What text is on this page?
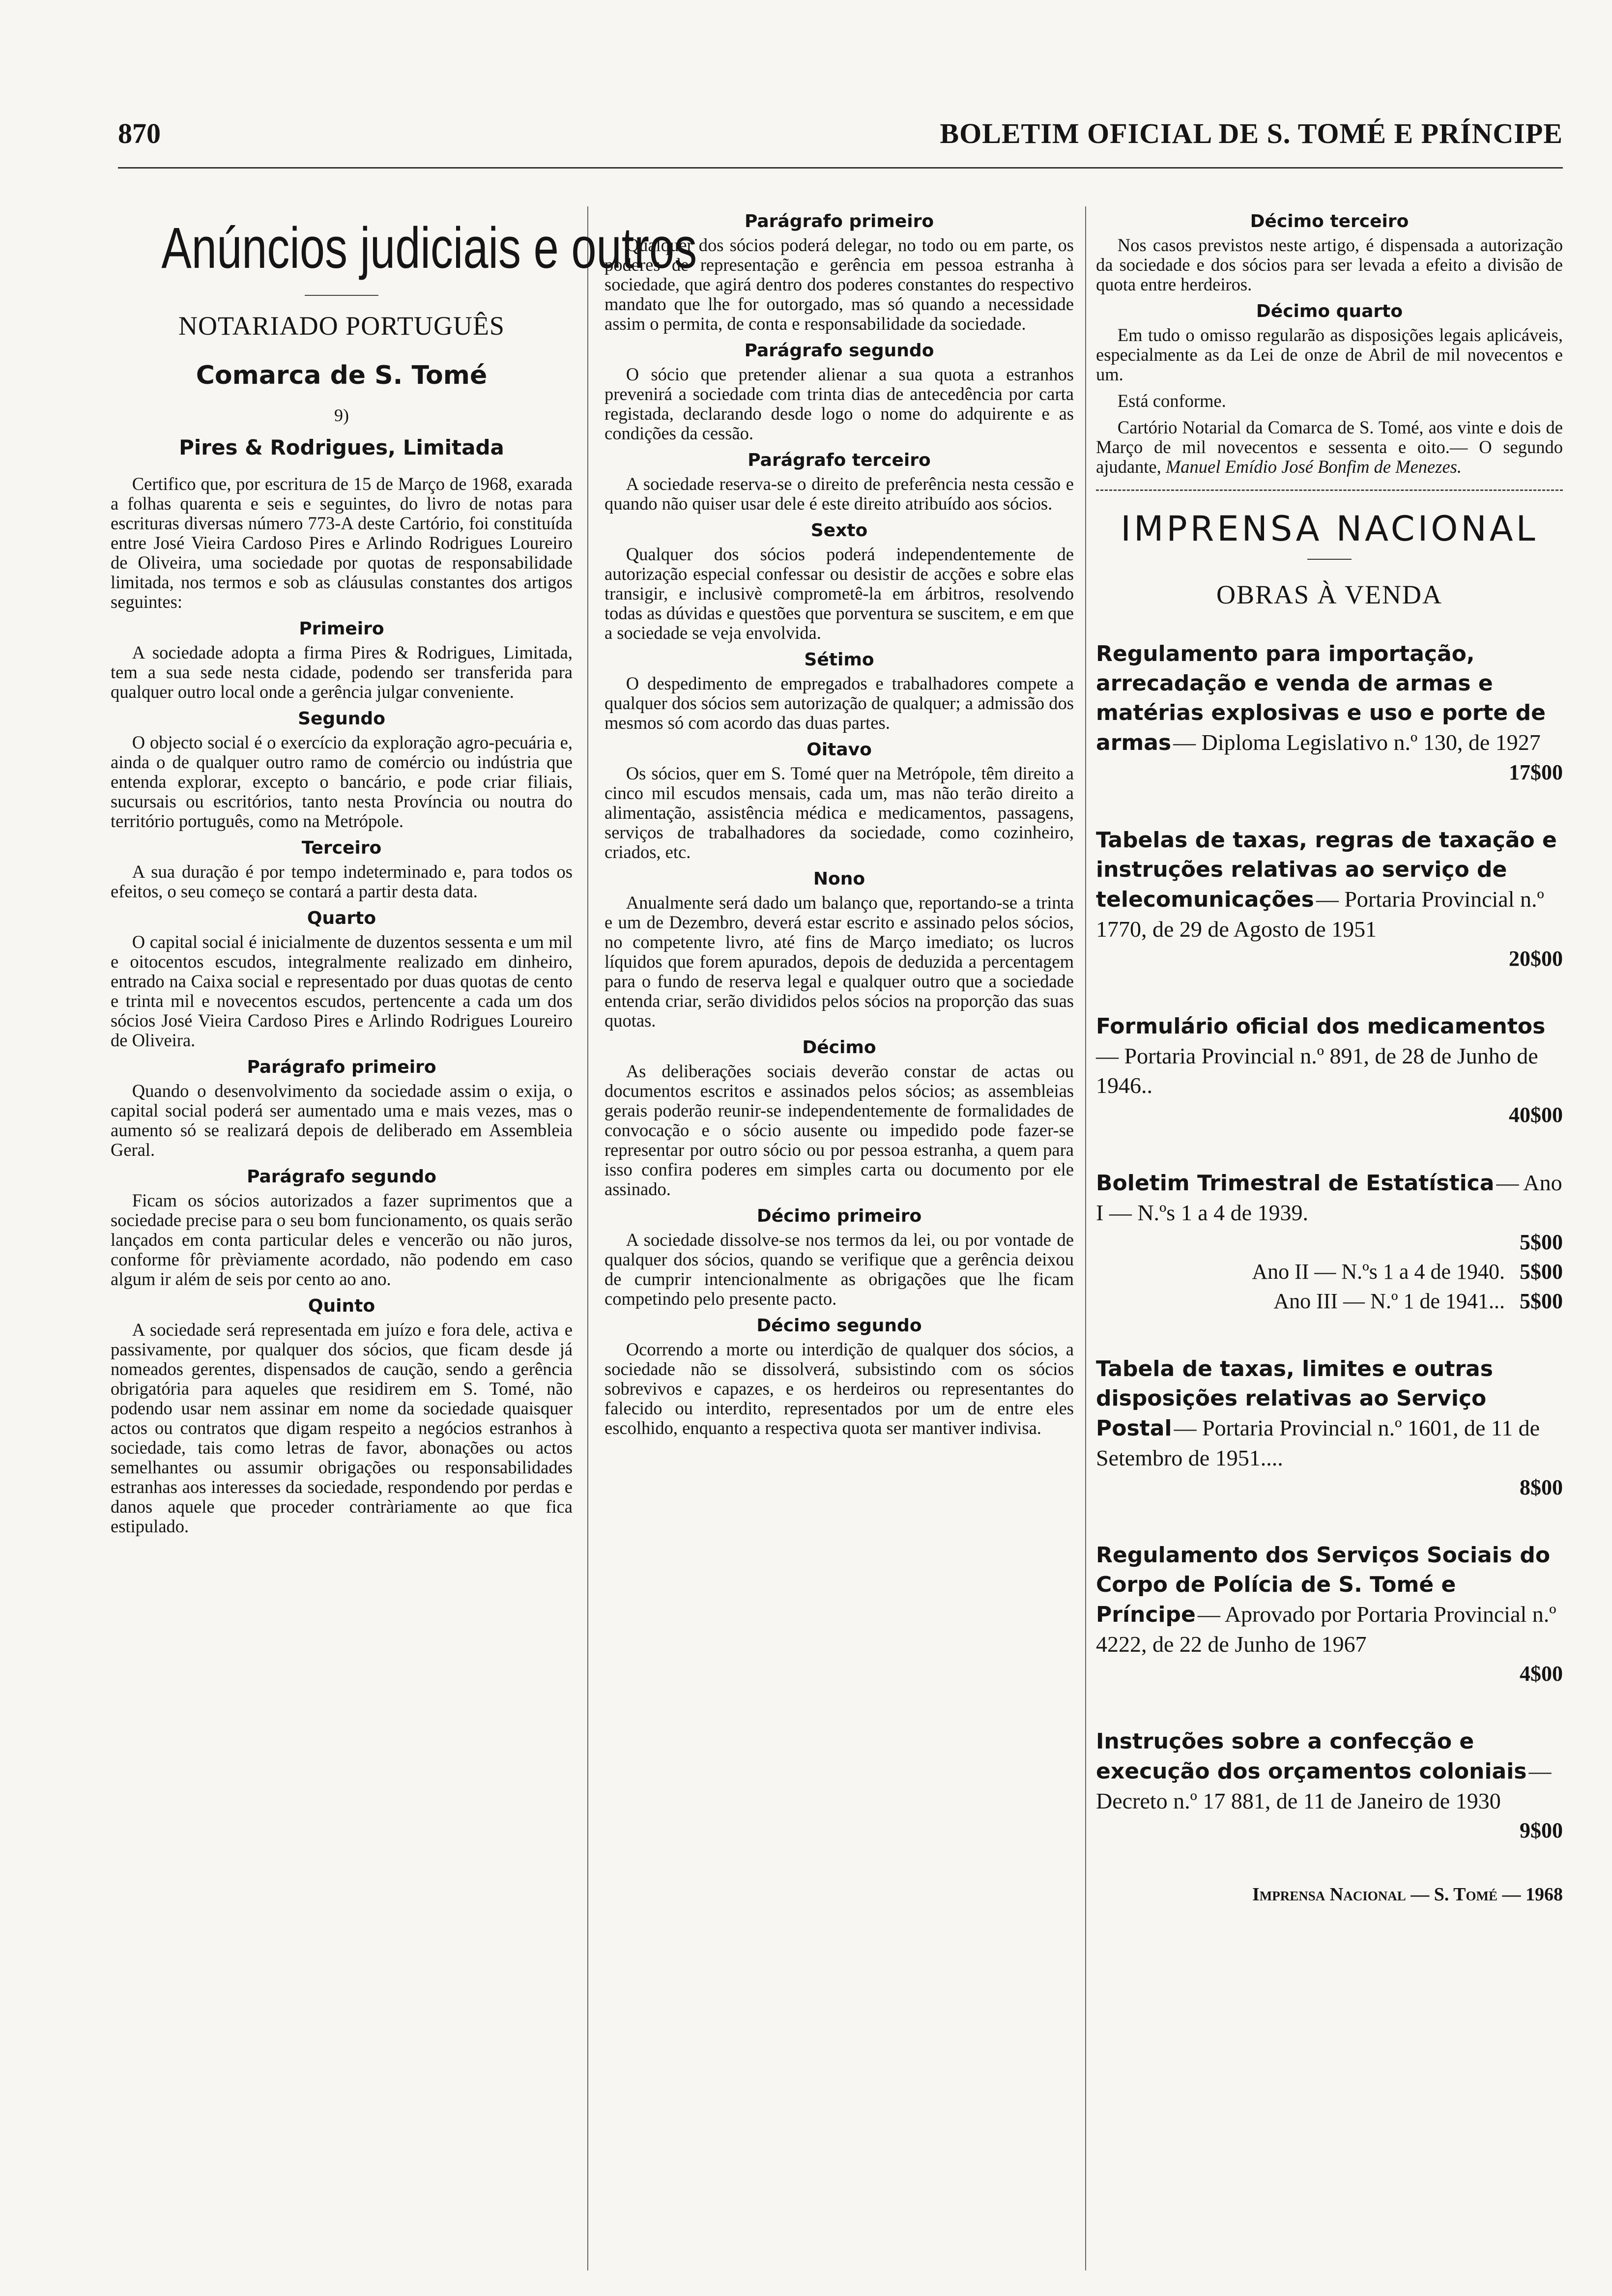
870	BOLETIM OFICIAL DE S. TOMÉ E PRÍNCIPE
Anúncios judiciais e outros
NOTARIADO PORTUGUÊS
Comarca de S. Tomé
9)
Pires & Rodrigues, Limitada

Certifico que, por escritura de 15 de Março de 1968, exarada a folhas quarenta e seis e seguintes, do livro de notas para escrituras diversas número 773-A deste Cartório, foi constituída entre José Vieira Cardoso Pires e Arlindo Rodrigues Loureiro de Oliveira, uma sociedade por quotas de responsabilidade limitada, nos termos e sob as cláusulas constantes dos artigos seguintes:

Primeiro

A sociedade adopta a firma Pires & Rodrigues, Limitada, tem a sua sede nesta cidade, podendo ser transferida para qualquer outro local onde a gerência julgar conveniente.

Segundo

O objecto social é o exercício da exploração agro-pecuária e, ainda o de qualquer outro ramo de comércio ou indústria que entenda explorar, excepto o bancário, e pode criar filiais, sucursais ou escritórios, tanto nesta Província ou noutra do território português, como na Metrópole.

Terceiro

A sua duração é por tempo indeterminado e, para todos os efeitos, o seu começo se contará a partir desta data.

Quarto

O capital social é inicialmente de duzentos sessenta e um mil e oitocentos escudos, integralmente realizado em dinheiro, entrado na Caixa social e representado por duas quotas de cento e trinta mil e novecentos escudos, pertencente a cada um dos sócios José Vieira Cardoso Pires e Arlindo Rodrigues Loureiro de Oliveira.

Parágrafo primeiro

Quando o desenvolvimento da sociedade assim o exija, o capital social poderá ser aumentado uma e mais vezes, mas o aumento só se realizará depois de deliberado em Assembleia Geral.

Parágrafo segundo

Ficam os sócios autorizados a fazer suprimentos que a sociedade precise para o seu bom funcionamento, os quais serão lançados em conta particular deles e vencerão ou não juros, conforme fôr prèviamente acordado, não podendo em caso algum ir além de seis por cento ao ano.

Quinto

A sociedade será representada em juízo e fora dele, activa e passivamente, por qualquer dos sócios, que ficam desde já nomeados gerentes, dispensados de caução, sendo a gerência obrigatória para aqueles que residirem em S. Tomé, não podendo usar nem assinar em nome da sociedade quaisquer actos ou contratos que digam respeito a negócios estranhos à sociedade, tais como letras de favor, abonações ou actos semelhantes ou assumir obrigações ou responsabilidades estranhas aos interesses da sociedade, respondendo por perdas e danos aquele que proceder contràriamente ao que fica estipulado.

Parágrafo primeiro

Qualquer dos sócios poderá delegar, no todo ou em parte, os poderes de representação e gerência em pessoa estranha à sociedade, que agirá dentro dos poderes constantes do respectivo mandato que lhe for outorgado, mas só quando a necessidade assim o permita, de conta e responsabilidade da sociedade.

Parágrafo segundo

O sócio que pretender alienar a sua quota a estranhos prevenirá a sociedade com trinta dias de antecedência por carta registada, declarando desde logo o nome do adquirente e as condições da cessão.

Parágrafo terceiro

A sociedade reserva-se o direito de preferência nesta cessão e quando não quiser usar dele é este direito atribuído aos sócios.

Sexto

Qualquer dos sócios poderá independentemente de autorização especial confessar ou desistir de acções e sobre elas transigir, e inclusivè comprometê-la em árbitros, resolvendo todas as dúvidas e questões que porventura se suscitem, e em que a sociedade se veja envolvida.

Sétimo

O despedimento de empregados e trabalhadores compete a qualquer dos sócios sem autorização de qualquer; a admissão dos mesmos só com acordo das duas partes.

Oitavo

Os sócios, quer em S. Tomé quer na Metrópole, têm direito a cinco mil escudos mensais, cada um, mas não terão direito a alimentação, assistência médica e medicamentos, passagens, serviços de trabalhadores da sociedade, como cozinheiro, criados, etc.

Nono

Anualmente será dado um balanço que, reportando-se a trinta e um de Dezembro, deverá estar escrito e assinado pelos sócios, no competente livro, até fins de Março imediato; os lucros líquidos que forem apurados, depois de deduzida a percentagem para o fundo de reserva legal e qualquer outro que a sociedade entenda criar, serão divididos pelos sócios na proporção das suas quotas.

Décimo

As deliberações sociais deverão constar de actas ou documentos escritos e assinados pelos sócios; as assembleias gerais poderão reunir-se independentemente de formalidades de convocação e o sócio ausente ou impedido pode fazer-se representar por outro sócio ou por pessoa estranha, a quem para isso confira poderes em simples carta ou documento por ele assinado.

Décimo primeiro

A sociedade dissolve-se nos termos da lei, ou por vontade de qualquer dos sócios, quando se verifique que a gerência deixou de cumprir intencionalmente as obrigações que lhe ficam competindo pelo presente pacto.

Décimo segundo

Ocorrendo a morte ou interdição de qualquer dos sócios, a sociedade não se dissolverá, subsistindo com os sócios sobrevivos e capazes, e os herdeiros ou representantes do falecido ou interdito, representados por um de entre eles escolhido, enquanto a respectiva quota ser mantiver indivisa.

Décimo terceiro

Nos casos previstos neste artigo, é dispensada a autorização da sociedade e dos sócios para ser levada a efeito a divisão de quota entre herdeiros.

Décimo quarto

Em tudo o omisso regularão as disposições legais aplicáveis, especialmente as da Lei de onze de Abril de mil novecentos e um.

Está conforme.

Cartório Notarial da Comarca de S. Tomé, aos vinte e dois de Março de mil novecentos e sessenta e oito.— O segundo ajudante, Manuel Emídio José Bonfim de Menezes.

IMPRENSA NACIONAL
OBRAS À VENDA
Regulamento para importação, arrecadação e venda de armas e matérias explosivas e uso e porte de armas — Diploma Legislativo n.º 130, de 1927
17$00
Tabelas de taxas, regras de taxação e instruções relativas ao serviço de telecomunicações — Portaria Provincial n.º 1770, de 29 de Agosto de 1951
20$00
Formulário oficial dos medicamentos — Portaria Provincial n.º 891, de 28 de Junho de 1946..
40$00
Boletim Trimestral de Estatística — Ano I — N.ºs 1 a 4 de 1939.
5$00
Ano II — N.ºs 1 a 4 de 1940. 5$00
Ano III — N.º 1 de 1941... 5$00
Tabela de taxas, limites e outras disposições relativas ao Serviço Postal — Portaria Provincial n.º 1601, de 11 de Setembro de 1951....
8$00
Regulamento dos Serviços Sociais do Corpo de Polícia de S. Tomé e Príncipe — Aprovado por Portaria Provincial n.º 4222, de 22 de Junho de 1967
4$00
Instruções sobre a confecção e execução dos orçamentos coloniais — Decreto n.º 17 881, de 11 de Janeiro de 1930
9$00
Imprensa Nacional — S. Tomé — 1968
